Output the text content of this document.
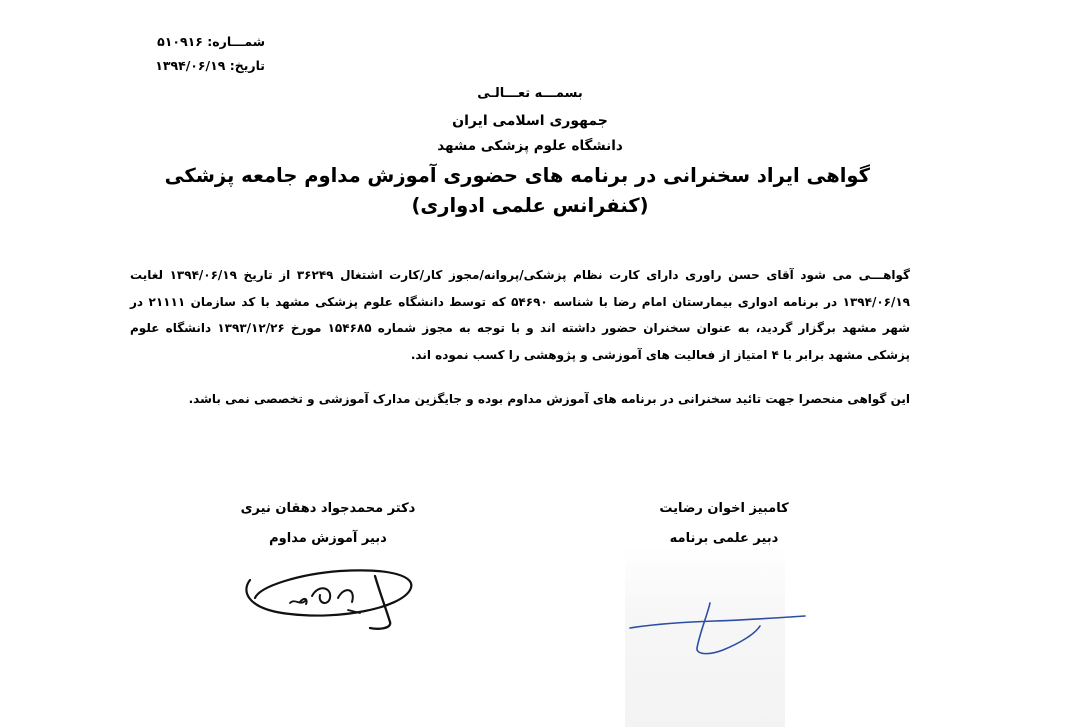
شمـــاره: ۵۱۰۹۱۶
تاریخ: ۱۳۹۴/۰۶/۱۹
بسمـــه تعـــالـی
جمهوری اسلامی ایران
دانشگاه علوم پزشکی مشهد
گواهی ایراد سخنرانی در برنامه های حضوری آموزش مداوم جامعه پزشکی
(کنفرانس علمی ادواری)

گواهـــی می شود آقای حسن راوری دارای کارت نظام پزشکی/پروانه/مجوز کار/کارت اشتغال ۳۶۲۴۹ از تاریخ ۱۳۹۴/۰۶/۱۹ لغایت ۱۳۹۴/۰۶/۱۹ در برنامه ادواری بیمارستان امام رضا با شناسه ۵۴۶۹۰ که توسط دانشگاه علوم پزشکی مشهد با کد سازمان ۲۱۱۱۱ در شهر مشهد برگزار گردید، به عنوان سخنران حضور داشته اند و با توجه به مجوز شماره ۱۵۴۶۸۵ مورخ ۱۳۹۳/۱۲/۲۶ دانشگاه علوم پزشکی مشهد برابر با ۴ امتیاز از فعالیت های آموزشی و پژوهشی را کسب نموده اند.

این گواهی منحصرا جهت تائید سخنرانی در برنامه های آموزش مداوم بوده و جایگزین مدارک آموزشی و تخصصی نمی باشد.
دکتر محمدجواد دهقان نیری
دبیر آموزش مداوم
کامبیز اخوان رضایت
دبیر علمی برنامه
